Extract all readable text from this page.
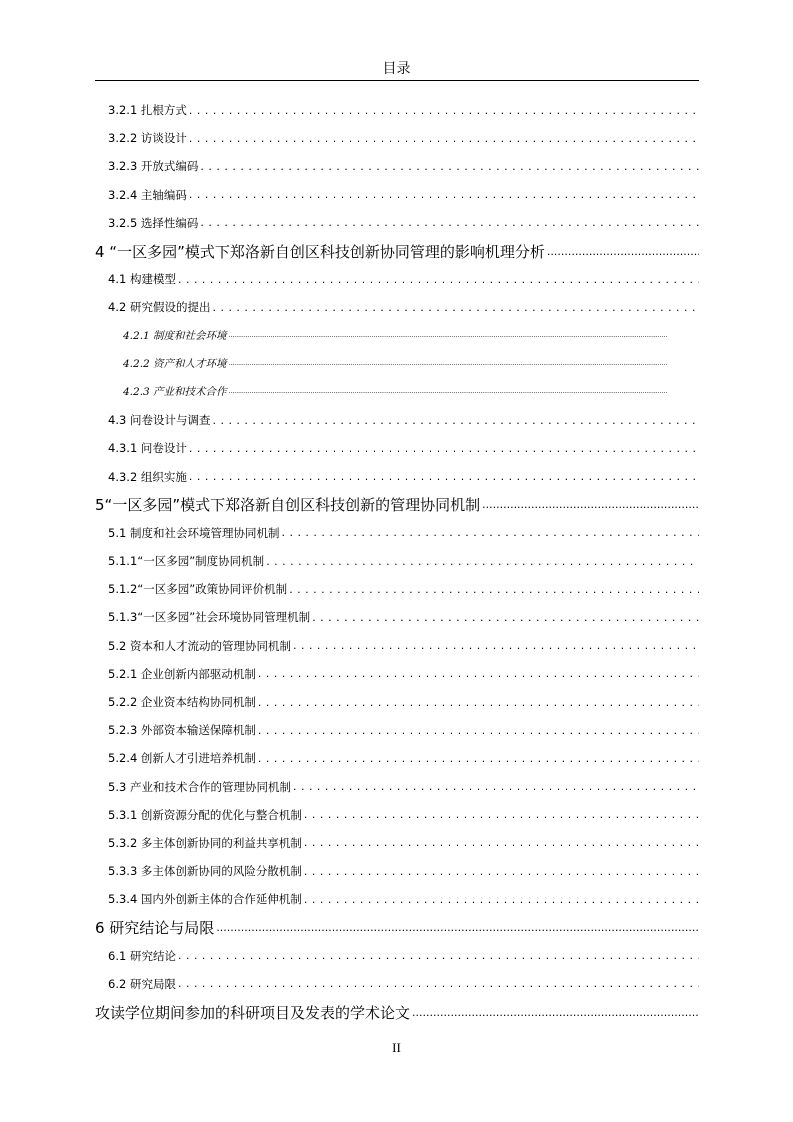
目录
3.2.1 扎根方式
. . .
3.2.2 访谈设计
. . .
3.2.3 开放式编码
. . .
3.2.4 主轴编码
. . .
3.2.5 选择性编码
. . .
4 “一区多园”模式下郑洛新自创区科技创新协同管理的影响机理分析
.....
4.1 构建模型
. . .
4.2 研究假设的提出
. . .
4.2.1 制度和社会环境
.....
4.2.2 资产和人才环境
.....
4.2.3 产业和技术合作
.....
4.3 问卷设计与调查
. . .
4.3.1 问卷设计
. . .
4.3.2 组织实施
. . .
5“一区多园”模式下郑洛新自创区科技创新的管理协同机制
.....
5.1 制度和社会环境管理协同机制
. . .
5.1.1“一区多园”制度协同机制
. . .
5.1.2“一区多园”政策协同评价机制
. . .
5.1.3“一区多园”社会环境协同管理机制
. . .
5.2 资本和人才流动的管理协同机制
. . .
5.2.1 企业创新内部驱动机制
. . .
5.2.2 企业资本结构协同机制
. . .
5.2.3 外部资本输送保障机制
. . .
5.2.4 创新人才引进培养机制
. . .
5.3 产业和技术合作的管理协同机制
. . .
5.3.1 创新资源分配的优化与整合机制
. . .
5.3.2 多主体创新协同的利益共享机制
. . .
5.3.3 多主体创新协同的风险分散机制
. . .
5.3.4 国内外创新主体的合作延伸机制
. . .
6 研究结论与局限
.....
6.1 研究结论
. . .
6.2 研究局限
. . .
攻读学位期间参加的科研项目及发表的学术论文
.....
II
